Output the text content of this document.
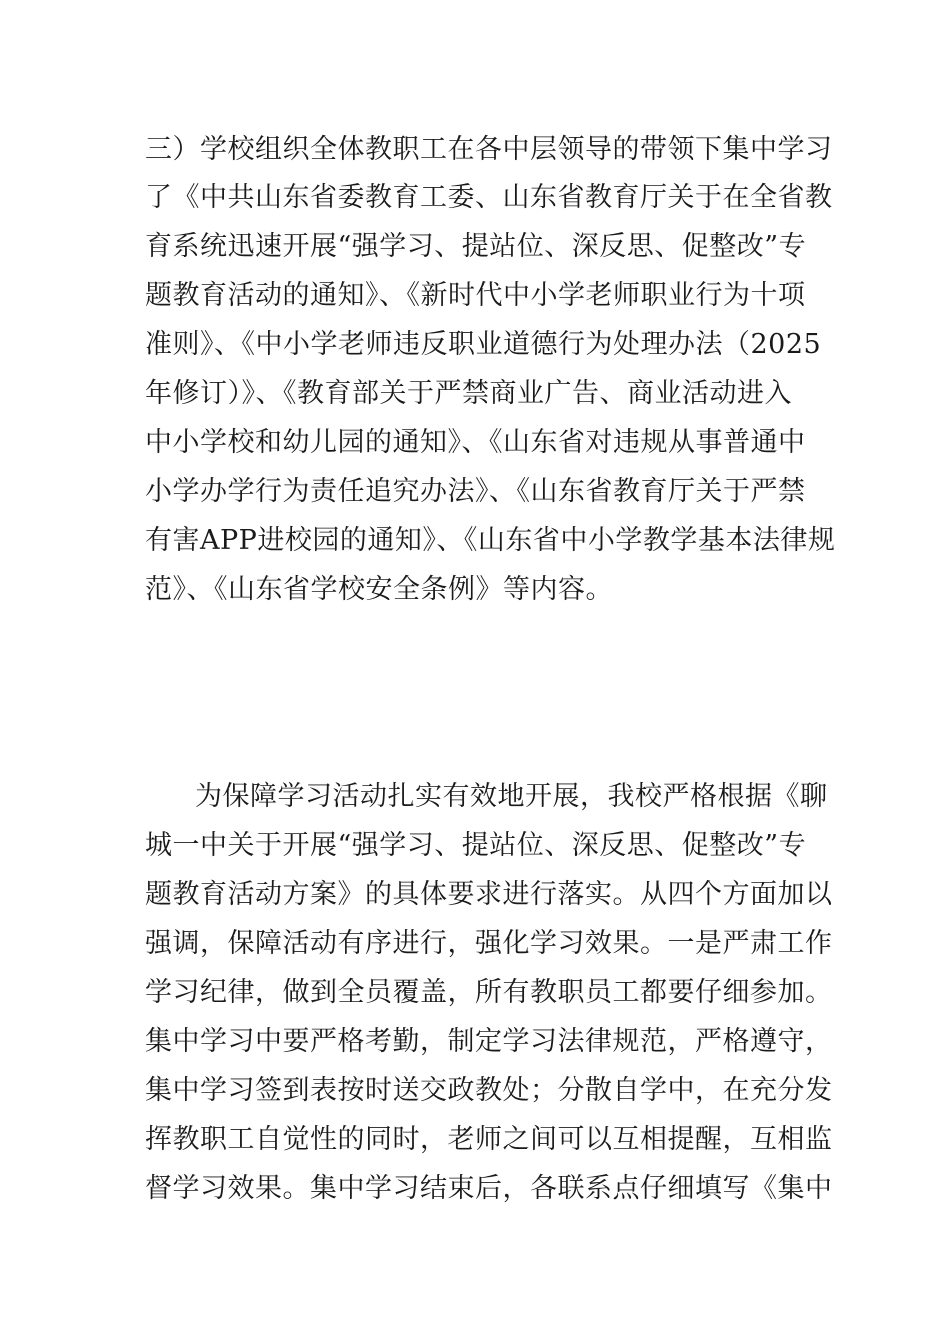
三）学校组织全体教职工在各中层领导的带领下集中学习
了《中共山东省委教育工委、山东省教育厅关于在全省教
育系统迅速开展“强学习、提站位、深反思、促整改”专
题教育活动的通知》、《新时代中小学老师职业行为十项
准则》、《中小学老师违反职业道德行为处理办法（2025
年修订）》、《教育部关于严禁商业广告、商业活动进入
中小学校和幼儿园的通知》、《山东省对违规从事普通中
小学办学行为责任追究办法》、《山东省教育厅关于严禁
有害APP进校园的通知》、《山东省中小学教学基本法律规
范》、《山东省学校安全条例》等内容。
为保障学习活动扎实有效地开展，我校严格根据《聊
城一中关于开展“强学习、提站位、深反思、促整改”专
题教育活动方案》的具体要求进行落实。从四个方面加以
强调，保障活动有序进行，强化学习效果。一是严肃工作
学习纪律，做到全员覆盖，所有教职员工都要仔细参加。
集中学习中要严格考勤，制定学习法律规范，严格遵守，
集中学习签到表按时送交政教处；分散自学中，在充分发
挥教职工自觉性的同时，老师之间可以互相提醒，互相监
督学习效果。集中学习结束后，各联系点仔细填写《集中
